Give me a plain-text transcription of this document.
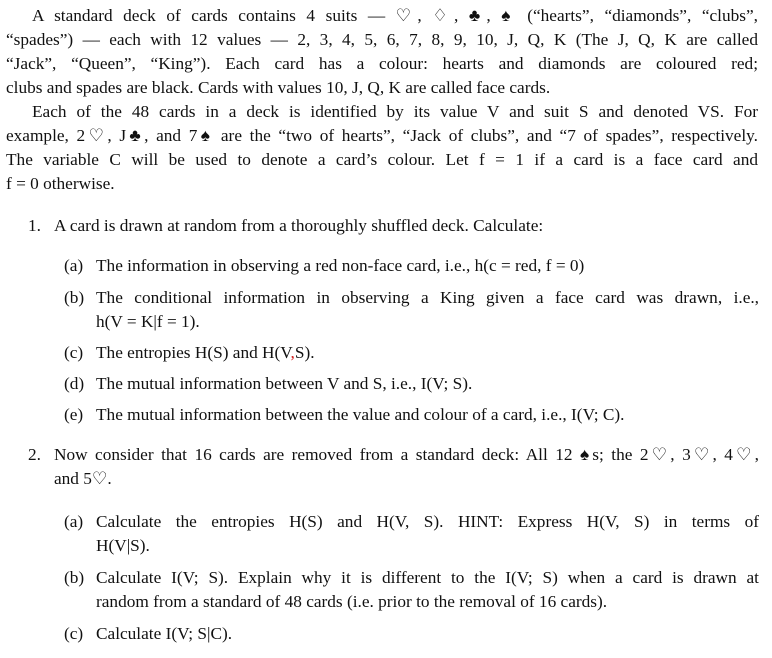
A standard deck of cards contains 4 suits — ♡, ♢, ♣, ♠ (“hearts”, “diamonds”, “clubs”,
“spades”) — each with 12 values — 2, 3, 4, 5, 6, 7, 8, 9, 10, J, Q, K (The J, Q, K are called
“Jack”, “Queen”, “King”). Each card has a colour: hearts and diamonds are coloured red;
clubs and spades are black. Cards with values 10, J, Q, K are called face cards.
Each of the 48 cards in a deck is identified by its value V and suit S and denoted VS. For
example, 2♡, J♣, and 7♠ are the “two of hearts”, “Jack of clubs”, and “7 of spades”, respectively.
The variable C will be used to denote a card’s colour. Let f = 1 if a card is a face card and
f = 0 otherwise.
1. A card is drawn at random from a thoroughly shuffled deck. Calculate:
(a) The information in observing a red non-face card, i.e., h(c = red, f = 0)
(b) The conditional information in observing a King given a face card was drawn, i.e.,
h(V = K|f = 1).
(c) The entropies H(S) and H(V,S).
(d) The mutual information between V and S, i.e., I(V; S).
(e) The mutual information between the value and colour of a card, i.e., I(V; C).
2. Now consider that 16 cards are removed from a standard deck: All 12 ♠s; the 2♡, 3♡, 4♡,
and 5♡.
(a) Calculate the entropies H(S) and H(V, S). HINT: Express H(V, S) in terms of
H(V|S).
(b) Calculate I(V; S). Explain why it is different to the I(V; S) when a card is drawn at
random from a standard of 48 cards (i.e. prior to the removal of 16 cards).
(c) Calculate I(V; S|C).
